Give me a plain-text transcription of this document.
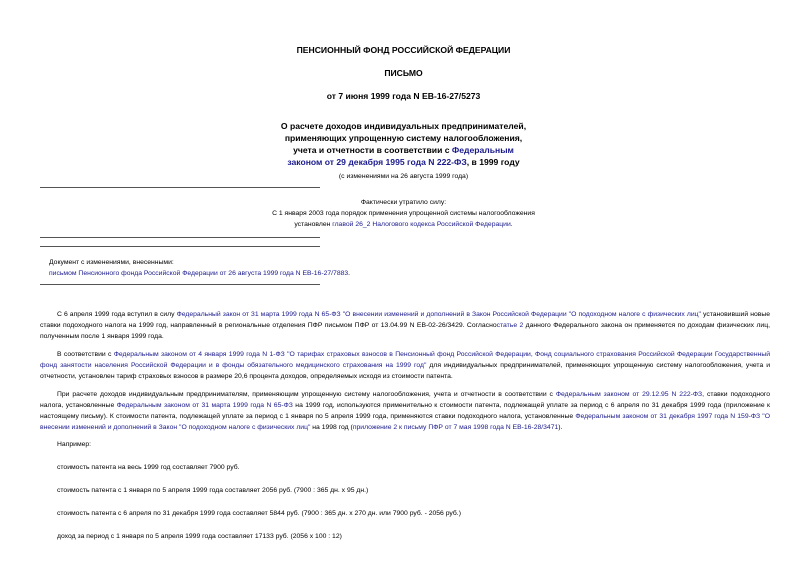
ПЕНСИОННЫЙ ФОНД РОССИЙСКОЙ ФЕДЕРАЦИИ
ПИСЬМО
от 7 июня 1999 года N ЕВ-16-27/5273
О расчете доходов индивидуальных предпринимателей,
применяющих упрощенную систему налогообложения,
учета и отчетности в соответствии с Федеральным
законом от 29 декабря 1995 года N 222-ФЗ, в 1999 году
(с изменениями на 26 августа 1999 года)
Фактически утратило силу:
С 1 января 2003 года порядок применения упрощенной системы налогообложения
установлен главой 26_2 Налогового кодекса Российской Федерации.
Документ с изменениями, внесенными:
письмом Пенсионного фонда Российской Федерации от 26 августа 1999 года N ЕВ-16-27/7883.
С 6 апреля 1999 года вступил в силу Федеральный закон от 31 марта 1999 года N 65-ФЗ "О внесении изменений и дополнений в Закон Российской Федерации "О подоходном налоге с физических лиц" установивший новые ставки подоходного налога на 1999 год, направленный в региональные отделения ПФР письмом ПФР от 13.04.99 N ЕВ-02-26/3429. Согласностатье 2 данного Федерального закона он применяется по доходам физических лиц, полученным после 1 января 1999 года.
В соответствии с Федеральным законом от 4 января 1999 года N 1-ФЗ "О тарифах страховых взносов в Пенсионный фонд Российской Федерации, Фонд социального страхования Российской Федерации Государственный фонд занятости населения Российской Федерации и в фонды обязательного медицинского страхования на 1999 год" для индивидуальных предпринимателей, применяющих упрощенную систему налогообложения, учета и отчетности, установлен тариф страховых взносов в размере 20,6 процента доходов, определяемых исходя из стоимости патента.
При расчете доходов индивидуальным предпринимателям, применяющим упрощенную систему налогообложения, учета и отчетности в соответствии с Федеральным законом от 29.12.95 N 222-ФЗ, ставки подоходного налога, установленные Федеральным законом от 31 марта 1999 года N 65-ФЗ на 1999 год, используются применительно к стоимости патента, подлежащей уплате за период с 6 апреля по 31 декабря 1999 года (приложение к настоящему письму). К стоимости патента, подлежащей уплате за период с 1 января по 5 апреля 1999 года, применяются ставки подоходного налога, установленные Федеральным законом от 31 декабря 1997 года N 159-ФЗ "О внесении изменений и дополнений в Закон "О подоходном налоге с физических лиц" на 1998 год (приложение 2 к письму ПФР от 7 мая 1998 года N ЕВ-16-28/3471).
Например:
стоимость патента на весь 1999 год составляет 7900 руб.
стоимость патента с 1 января по 5 апреля 1999 года составляет 2056 руб. (7900 : 365 дн. х 95 дн.)
стоимость патента с 6 апреля по 31 декабря 1999 года составляет 5844 руб. (7900 : 365 дн. х 270 дн. или 7900 руб. - 2056 руб.)
доход за период с 1 января по 5 апреля 1999 года составляет 17133 руб. (2056 х 100 : 12)
